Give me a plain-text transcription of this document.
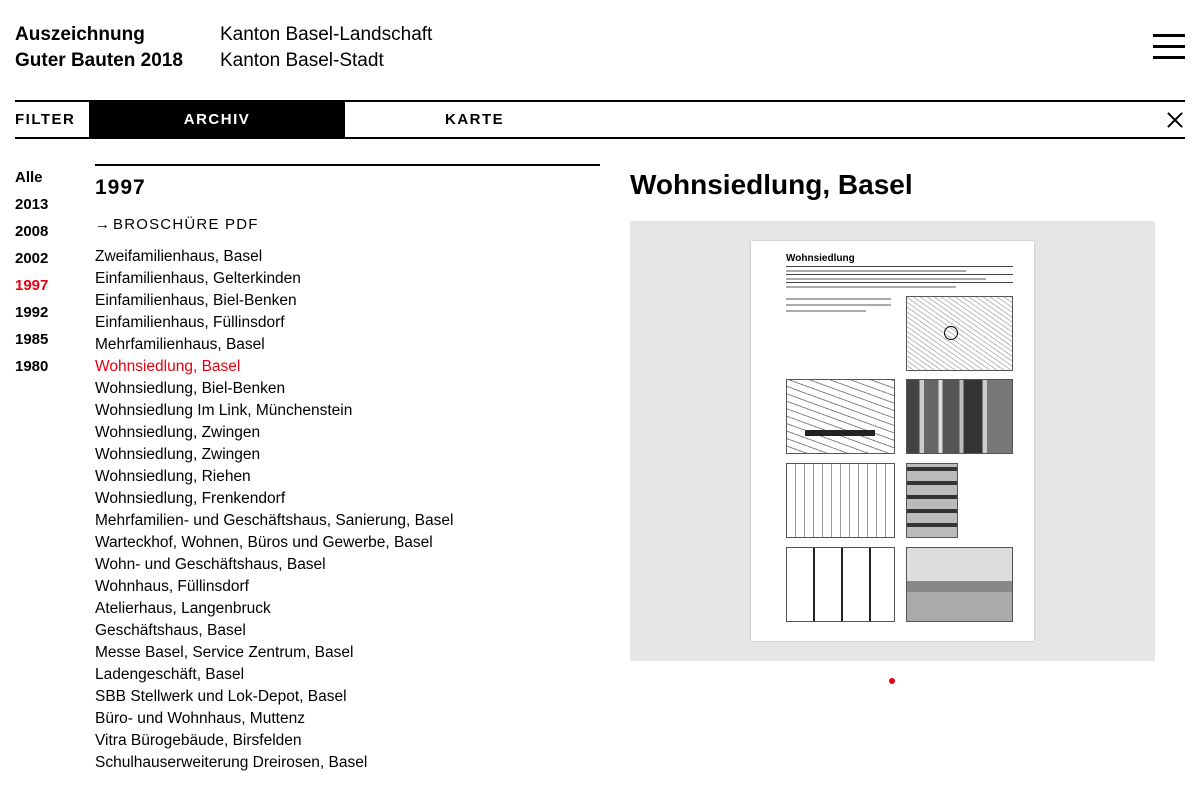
Auszeichnung
Guter Bauten 2018
Kanton Basel-Landschaft
Kanton Basel-Stadt
FILTER	ARCHIV	KARTE
Alle
2013
2008
2002
1997
1992
1985
1980
1997
→ BROSCHÜRE PDF
Zweifamilienhaus, Basel
Einfamilienhaus, Gelterkinden
Einfamilienhaus, Biel-Benken
Einfamilienhaus, Füllinsdorf
Mehrfamilienhaus, Basel
Wohnsiedlung, Basel
Wohnsiedlung, Biel-Benken
Wohnsiedlung Im Link, Münchenstein
Wohnsiedlung, Zwingen
Wohnsiedlung, Zwingen
Wohnsiedlung, Riehen
Wohnsiedlung, Frenkendorf
Mehrfamilien- und Geschäftshaus, Sanierung, Basel
Warteckhof, Wohnen, Büros und Gewerbe, Basel
Wohn- und Geschäftshaus, Basel
Wohnhaus, Füllinsdorf
Atelierhaus, Langenbruck
Geschäftshaus, Basel
Messe Basel, Service Zentrum, Basel
Ladengeschäft, Basel
SBB Stellwerk und Lok-Depot, Basel
Büro- und Wohnhaus, Muttenz
Vitra Bürogebäude, Birsfelden
Schulhauserweiterung Dreirosen, Basel
Wohnsiedlung, Basel
Wohnsiedlung
